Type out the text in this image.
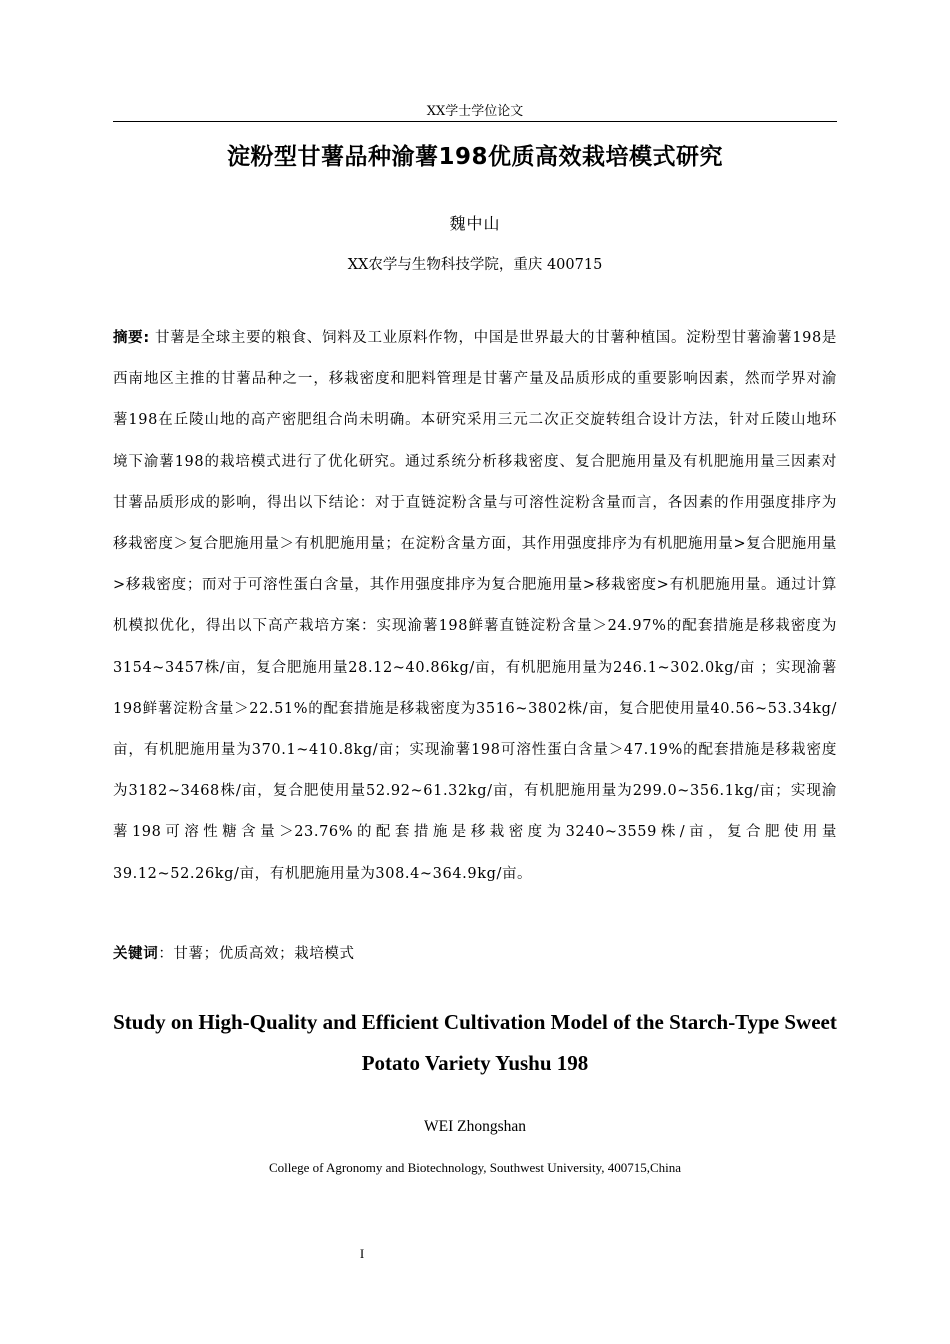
XX学士学位论文
淀粉型甘薯品种渝薯198优质高效栽培模式研究
魏中山
XX农学与生物科技学院，重庆 400715
摘要: 甘薯是全球主要的粮食、饲料及工业原料作物，中国是世界最大的甘薯种植国。淀粉型甘薯渝薯198是西南地区主推的甘薯品种之一，移栽密度和肥料管理是甘薯产量及品质形成的重要影响因素，然而学界对渝薯198在丘陵山地的高产密肥组合尚未明确。本研究采用三元二次正交旋转组合设计方法，针对丘陵山地环境下渝薯198的栽培模式进行了优化研究。通过系统分析移栽密度、复合肥施用量及有机肥施用量三因素对甘薯品质形成的影响，得出以下结论：对于直链淀粉含量与可溶性淀粉含量而言，各因素的作用强度排序为移栽密度＞复合肥施用量＞有机肥施用量；在淀粉含量方面，其作用强度排序为有机肥施用量>复合肥施用量>移栽密度；而对于可溶性蛋白含量，其作用强度排序为复合肥施用量>移栽密度>有机肥施用量。通过计算机模拟优化，得出以下高产栽培方案：实现渝薯198鲜薯直链淀粉含量＞24.97%的配套措施是移栽密度为3154~3457株/亩，复合肥施用量28.12~40.86kg/亩，有机肥施用量为246.1~302.0kg/亩 ；实现渝薯198鲜薯淀粉含量＞22.51%的配套措施是移栽密度为3516~3802株/亩，复合肥使用量40.56~53.34kg/亩，有机肥施用量为370.1~410.8kg/亩；实现渝薯198可溶性蛋白含量＞47.19%的配套措施是移栽密度为3182~3468株/亩，复合肥使用量52.92~61.32kg/亩，有机肥施用量为299.0~356.1kg/亩；实现渝薯198可溶性糖含量＞23.76%的配套措施是移栽密度为3240~3559株/亩，复合肥使用量39.12~52.26kg/亩，有机肥施用量为308.4~364.9kg/亩。
关键词：甘薯；优质高效；栽培模式
Study on High-Quality and Efficient Cultivation Model of the Starch-Type Sweet Potato Variety Yushu 198
WEI Zhongshan
College of Agronomy and Biotechnology, Southwest University, 400715,China
I
